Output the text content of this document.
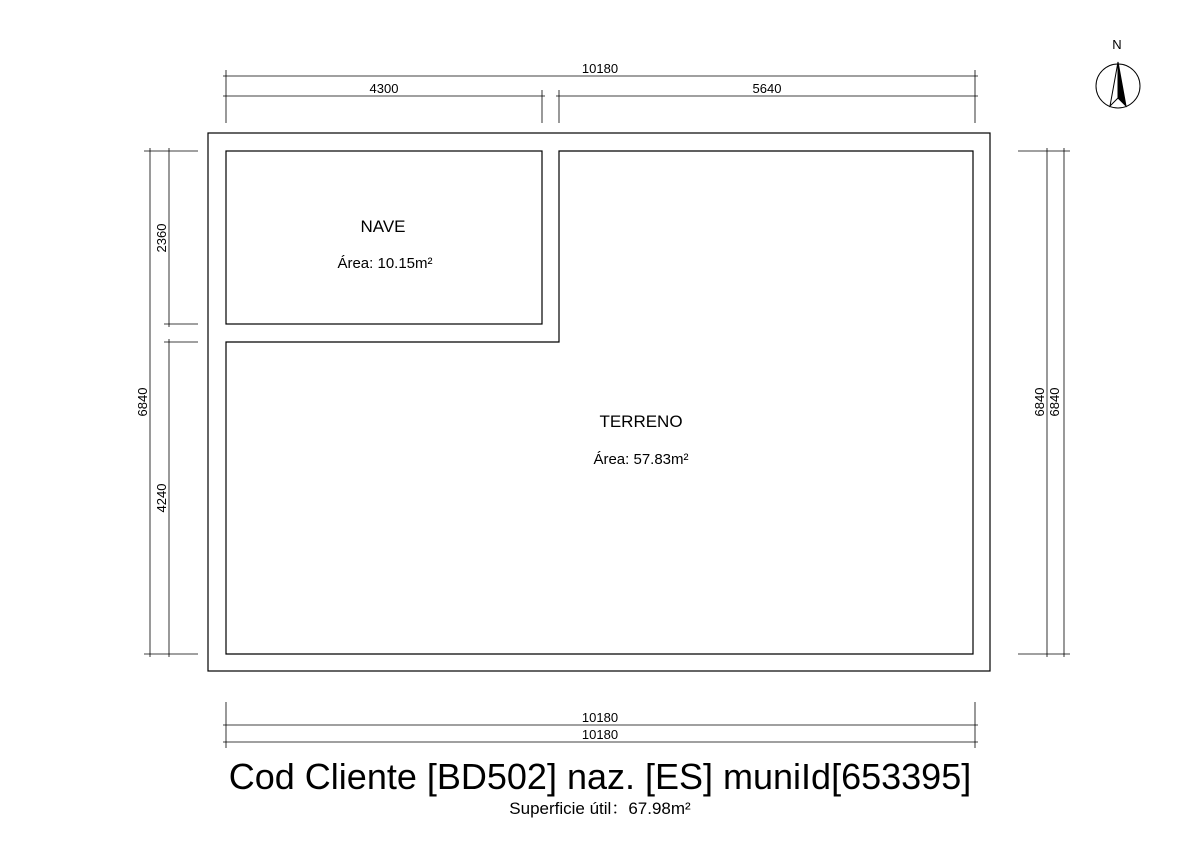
NAVE
Área: 10.15m²
TERRENO
Área: 57.83m²
10180
4300	5640
2360
4240
6840	6840 6840
10180
10180
N
Cod Cliente [BD502] naz. [ES] muniId[653395]
Superficie útil：67.98m²
